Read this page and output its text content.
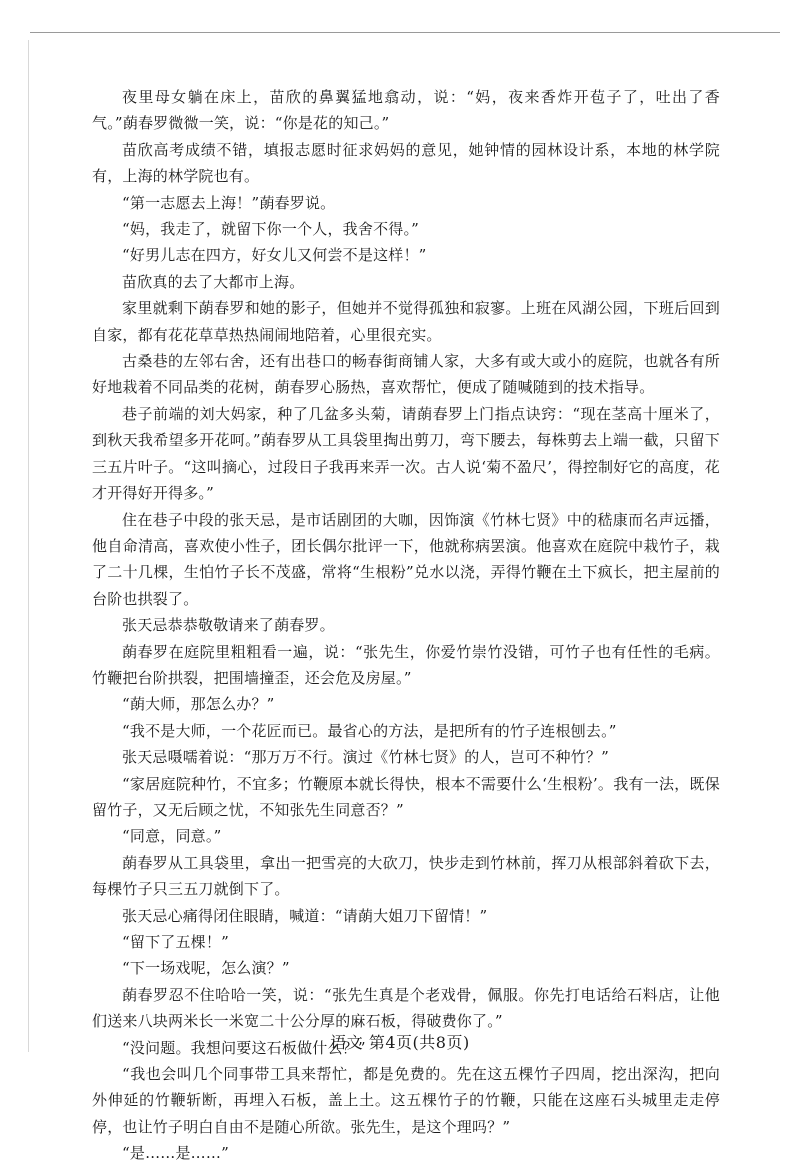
夜里母女躺在床上，苗欣的鼻翼猛地翕动，说：“妈，夜来香炸开苞子了，吐出了香气。”蓢春罗微微一笑，说：“你是花的知己。”

苗欣高考成绩不错，填报志愿时征求妈妈的意见，她钟情的园林设计系，本地的林学院有，上海的林学院也有。

“第一志愿去上海！”蓢春罗说。

“妈，我走了，就留下你一个人，我舍不得。”

“好男儿志在四方，好女儿又何尝不是这样！”

苗欣真的去了大都市上海。

家里就剩下蓢春罗和她的影子，但她并不觉得孤独和寂寥。上班在风湖公园，下班后回到自家，都有花花草草热热闹闹地陪着，心里很充实。

古桑巷的左邻右舍，还有出巷口的畅春街商铺人家，大多有或大或小的庭院，也就各有所好地栽着不同品类的花树，蓢春罗心肠热，喜欢帮忙，便成了随喊随到的技术指导。

巷子前端的刘大妈家，种了几盆多头菊，请蓢春罗上门指点诀窍：“现在茎高十厘米了，到秋天我希望多开花呵。”蓢春罗从工具袋里掏出剪刀，弯下腰去，每株剪去上端一截，只留下三五片叶子。“这叫摘心，过段日子我再来弄一次。古人说‘菊不盈尺’，得控制好它的高度，花才开得好开得多。”

住在巷子中段的张天忌，是市话剧团的大咖，因饰演《竹林七贤》中的嵇康而名声远播，他自命清高，喜欢使小性子，团长偶尔批评一下，他就称病罢演。他喜欢在庭院中栽竹子，栽了二十几棵，生怕竹子长不茂盛，常将“生根粉”兑水以浇，弄得竹鞭在土下疯长，把主屋前的台阶也拱裂了。

张天忌恭恭敬敬请来了蓢春罗。

蓢春罗在庭院里粗粗看一遍，说：“张先生，你爱竹崇竹没错，可竹子也有任性的毛病。竹鞭把台阶拱裂，把围墙撞歪，还会危及房屋。”

“蓢大师，那怎么办？”

“我不是大师，一个花匠而已。最省心的方法，是把所有的竹子连根刨去。”

张天忌嗫嚅着说：“那万万不行。演过《竹林七贤》的人，岂可不种竹？”

“家居庭院种竹，不宜多；竹鞭原本就长得快，根本不需要什么‘生根粉’。我有一法，既保留竹子，又无后顾之忧，不知张先生同意否？”

“同意，同意。”

蓢春罗从工具袋里，拿出一把雪亮的大砍刀，快步走到竹林前，挥刀从根部斜着砍下去，每棵竹子只三五刀就倒下了。

张天忌心痛得闭住眼睛，喊道：“请蓢大姐刀下留情！”

“留下了五棵！”

“下一场戏呢，怎么演？”

蓢春罗忍不住哈哈一笑，说：“张先生真是个老戏骨，佩服。你先打电话给石料店，让他们送来八块两米长一米宽二十公分厚的麻石板，得破费你了。”

“没问题。我想问要这石板做什么？”

“我也会叫几个同事带工具来帮忙，都是免费的。先在这五棵竹子四周，挖出深沟，把向外伸延的竹鞭斩断，再埋入石板，盖上土。这五棵竹子的竹鞭，只能在这座石头城里走走停停，也让竹子明白自由不是随心所欲。张先生，是这个理吗？”

“是……是……”

语文 第4页(共8页)
